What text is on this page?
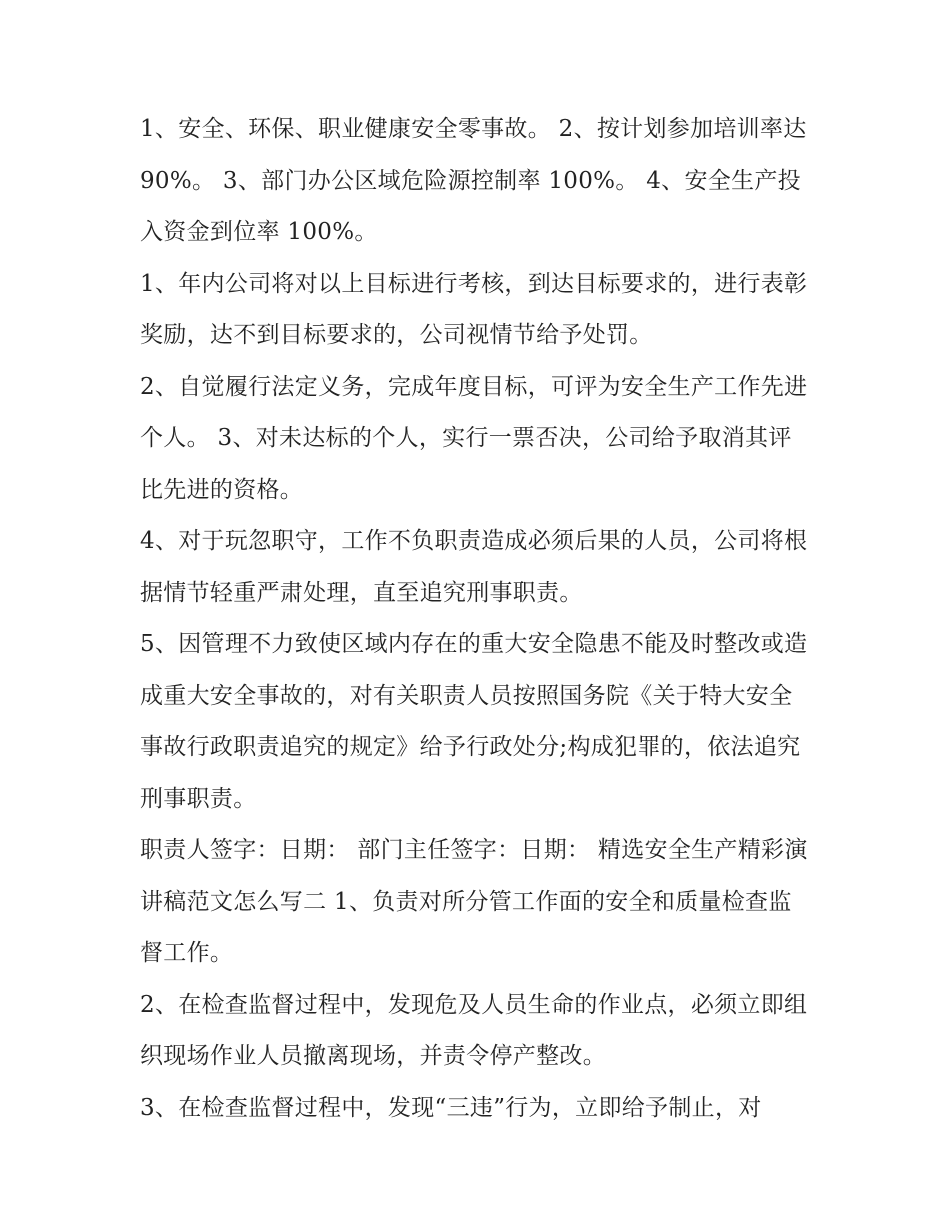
1、安全、环保、职业健康安全零事故。 2、按计划参加培训率达 90%。 3、部门办公区域危险源控制率 100%。 4、安全生产投入资金到位率 100%。

1、年内公司将对以上目标进行考核，到达目标要求的，进行表彰奖励，达不到目标要求的，公司视情节给予处罚。

2、自觉履行法定义务，完成年度目标，可评为安全生产工作先进个人。 3、对未达标的个人，实行一票否决，公司给予取消其评比先进的资格。

4、对于玩忽职守，工作不负职责造成必须后果的人员，公司将根据情节轻重严肃处理，直至追究刑事职责。

5、因管理不力致使区域内存在的重大安全隐患不能及时整改或造成重大安全事故的，对有关职责人员按照国务院《关于特大安全事故行政职责追究的规定》给予行政处分;构成犯罪的，依法追究刑事职责。

职责人签字：日期： 部门主任签字：日期： 精选安全生产精彩演讲稿范文怎么写二 1、负责对所分管工作面的安全和质量检查监督工作。

2、在检查监督过程中，发现危及人员生命的作业点，必须立即组织现场作业人员撤离现场，并责令停产整改。

3、在检查监督过程中，发现“三违”行为，立即给予制止，对
